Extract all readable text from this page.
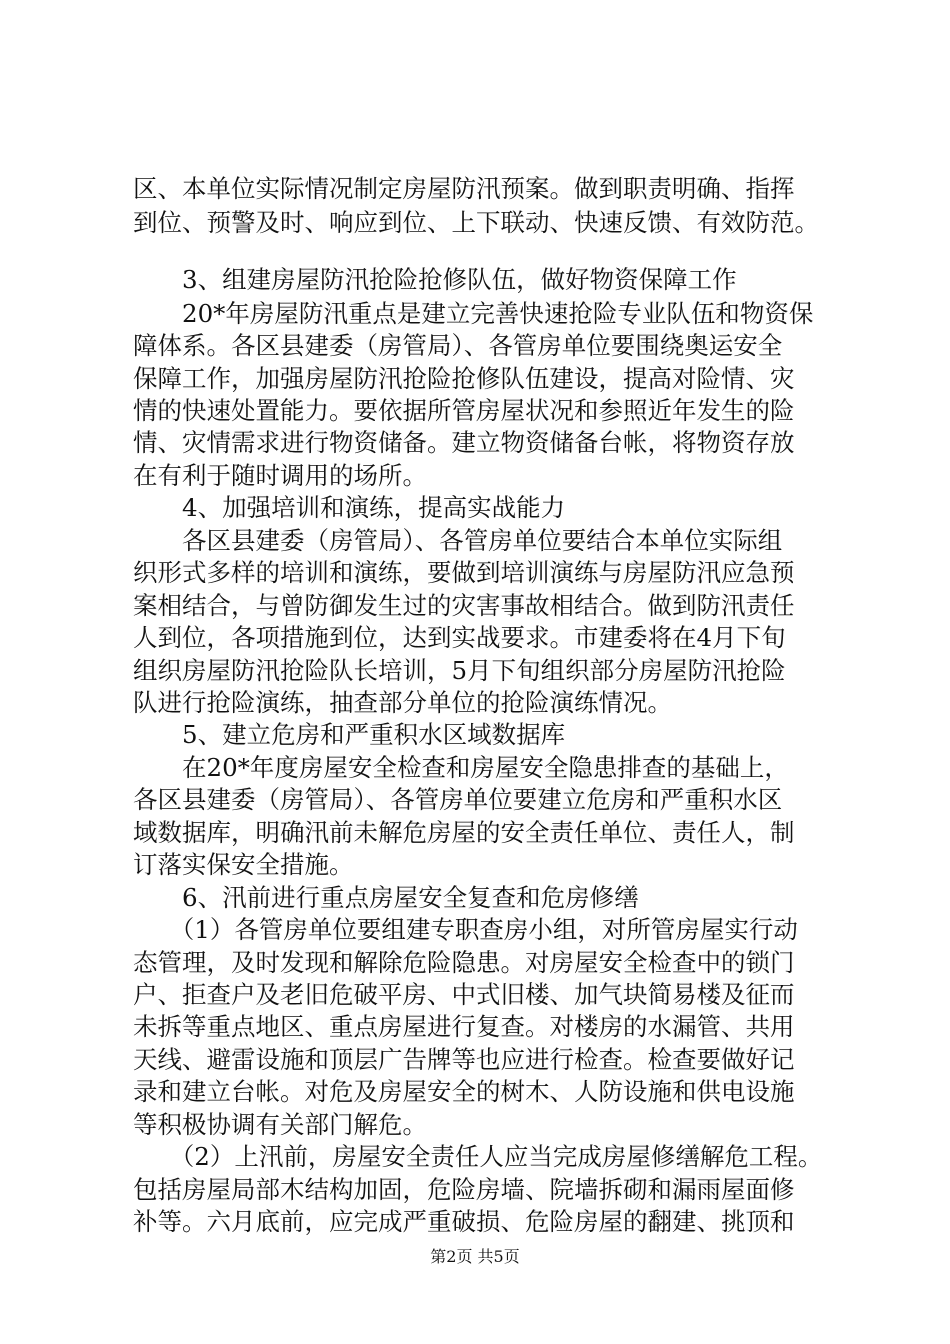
区、本单位实际情况制定房屋防汛预案。做到职责明确、指挥
到位、预警及时、响应到位、上下联动、快速反馈、有效防范。
　　3、组建房屋防汛抢险抢修队伍，做好物资保障工作
　　20*年房屋防汛重点是建立完善快速抢险专业队伍和物资保
障体系。各区县建委（房管局）、各管房单位要围绕奥运安全
保障工作，加强房屋防汛抢险抢修队伍建设，提高对险情、灾
情的快速处置能力。要依据所管房屋状况和参照近年发生的险
情、灾情需求进行物资储备。建立物资储备台帐，将物资存放
在有利于随时调用的场所。
　　4、加强培训和演练，提高实战能力
　　各区县建委（房管局）、各管房单位要结合本单位实际组
织形式多样的培训和演练，要做到培训演练与房屋防汛应急预
案相结合，与曾防御发生过的灾害事故相结合。做到防汛责任
人到位，各项措施到位，达到实战要求。市建委将在4月下旬
组织房屋防汛抢险队长培训，5月下旬组织部分房屋防汛抢险
队进行抢险演练，抽查部分单位的抢险演练情况。
　　5、建立危房和严重积水区域数据库
　　在20*年度房屋安全检查和房屋安全隐患排查的基础上，
各区县建委（房管局）、各管房单位要建立危房和严重积水区
域数据库，明确汛前未解危房屋的安全责任单位、责任人，制
订落实保安全措施。
　　6、汛前进行重点房屋安全复查和危房修缮
　　（1）各管房单位要组建专职查房小组，对所管房屋实行动
态管理，及时发现和解除危险隐患。对房屋安全检查中的锁门
户、拒查户及老旧危破平房、中式旧楼、加气块简易楼及征而
未拆等重点地区、重点房屋进行复查。对楼房的水漏管、共用
天线、避雷设施和顶层广告牌等也应进行检查。检查要做好记
录和建立台帐。对危及房屋安全的树木、人防设施和供电设施
等积极协调有关部门解危。
　　（2）上汛前，房屋安全责任人应当完成房屋修缮解危工程。
包括房屋局部木结构加固，危险房墙、院墙拆砌和漏雨屋面修
补等。六月底前，应完成严重破损、危险房屋的翻建、挑顶和
第2页 共5页
